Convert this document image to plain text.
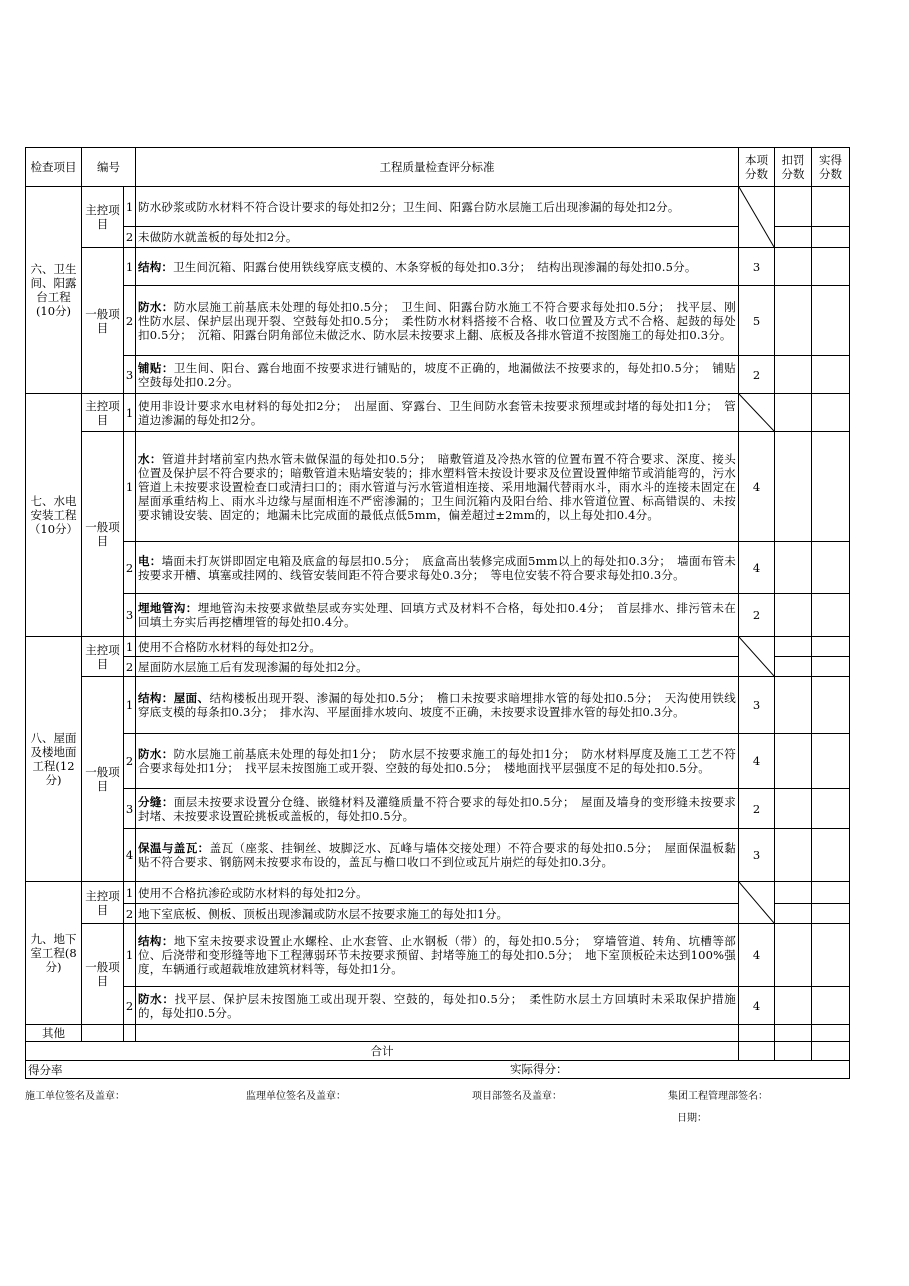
检查项目	编号		工程质量检查评分标准	本项分数	扣罚分数	实得分数
六、卫生间、阳露台工程(10分)	主控项目	1	防水砂浆或防水材料不符合设计要求的每处扣2分；卫生间、阳露台防水层施工后出现渗漏的每处扣2分。	

		2	未做防水就盖板的每处扣2分。			
	一般项目	1	结构：卫生间沉箱、阳露台使用铁线穿底支模的、木条穿板的每处扣0.3分；　结构出现渗漏的每处扣0.5分。	3		
		2	防水：防水层施工前基底未处理的每处扣0.5分；　卫生间、阳露台防水施工不符合要求每处扣0.5分；　找平层、刚性防水层、保护层出现开裂、空鼓每处扣0.5分；　柔性防水材料搭接不合格、收口位置及方式不合格、起鼓的每处扣0.5分；　沉箱、阳露台阴角部位未做泛水、防水层未按要求上翻、底板及各排水管道不按图施工的每处扣0.3分。	5		
		3	铺贴：卫生间、阳台、露台地面不按要求进行铺贴的，坡度不正确的，地漏做法不按要求的，每处扣0.5分；　铺贴空鼓每处扣0.2分。	2		
七、水电安装工程（10分）	主控项目	1	使用非设计要求水电材料的每处扣2分；　出屋面、穿露台、卫生间防水套管未按要求预埋或封堵的每处扣1分；　管道边渗漏的每处扣2分。	

	一般项目	1	水：管道井封堵前室内热水管未做保温的每处扣0.5分；　暗敷管道及冷热水管的位置布置不符合要求、深度、接头位置及保护层不符合要求的；暗敷管道未贴墙安装的；排水塑料管未按设计要求及位置设置伸缩节或消能弯的，污水管道上未按要求设置检查口或清扫口的；雨水管道与污水管道相连接、采用地漏代替雨水斗，雨水斗的连接未固定在屋面承重结构上、雨水斗边缘与屋面相连不严密渗漏的；卫生间沉箱内及阳台给、排水管道位置、标高错误的、未按要求铺设安装、固定的；地漏未比完成面的最低点低5mm，偏差超过±2mm的，以上每处扣0.4分。	4		
		2	电：墙面未打灰饼即固定电箱及底盒的每层扣0.5分；　底盒高出装修完成面5mm以上的每处扣0.3分；　墙面布管未按要求开槽、填塞或挂网的、线管安装间距不符合要求每处0.3分；　等电位安装不符合要求每处扣0.3分。	4		
		3	埋地管沟：埋地管沟未按要求做垫层或夯实处理、回填方式及材料不合格，每处扣0.4分；　首层排水、排污管未在回填土夯实后再挖槽埋管的每处扣0.4分。	2		
八、屋面及楼地面工程(12分)	主控项目	1	使用不合格防水材料的每处扣2分。	

		2	屋面防水层施工后有发现渗漏的每处扣2分。			
	一般项目	1	结构：屋面、结构楼板出现开裂、渗漏的每处扣0.5分；　檐口未按要求暗埋排水管的每处扣0.5分；　天沟使用铁线穿底支模的每条扣0.3分；　排水沟、平屋面排水坡向、坡度不正确，未按要求设置排水管的每处扣0.3分。	3		
		2	防水：防水层施工前基底未处理的每处扣1分；　防水层不按要求施工的每处扣1分；　防水材料厚度及施工工艺不符合要求每处扣1分；　找平层未按图施工或开裂、空鼓的每处扣0.5分；　楼地面找平层强度不足的每处扣0.5分。	4		
		3	分缝：面层未按要求设置分仓缝、嵌缝材料及灌缝质量不符合要求的每处扣0.5分；　屋面及墙身的变形缝未按要求封堵、未按要求设置砼挑板或盖板的，每处扣0.5分。	2		
		4	保温与盖瓦：盖瓦（座浆、挂铜丝、坡脚泛水、瓦峰与墙体交接处理）不符合要求的每处扣0.5分；　屋面保温板黏贴不符合要求、钢筋网未按要求布设的，盖瓦与檐口收口不到位或瓦片崩烂的每处扣0.3分。	3		
九、地下室工程(8分)	主控项目	1	使用不合格抗渗砼或防水材料的每处扣2分。	

		2	地下室底板、侧板、顶板出现渗漏或防水层不按要求施工的每处扣1分。			
	一般项目	1	结构：地下室未按要求设置止水螺栓、止水套管、止水钢板（带）的，每处扣0.5分；　穿墙管道、转角、坑槽等部位、后浇带和变形缝等地下工程薄弱环节未按要求预留、封堵等施工的每处扣0.5分；　地下室顶板砼未达到100%强度，车辆通行或超载堆放建筑材料等，每处扣1分。	4		
		2	防水：找平层、保护层未按图施工或出现开裂、空鼓的，每处扣0.5分；　柔性防水层土方回填时未采取保护措施的，每处扣0.5分。	4		
其他						
合计						
得分率 实际得分：						
施工单位签名及盖章：	监理单位签名及盖章：	项目部签名及盖章：	集团工程管理部签名：
日期：
